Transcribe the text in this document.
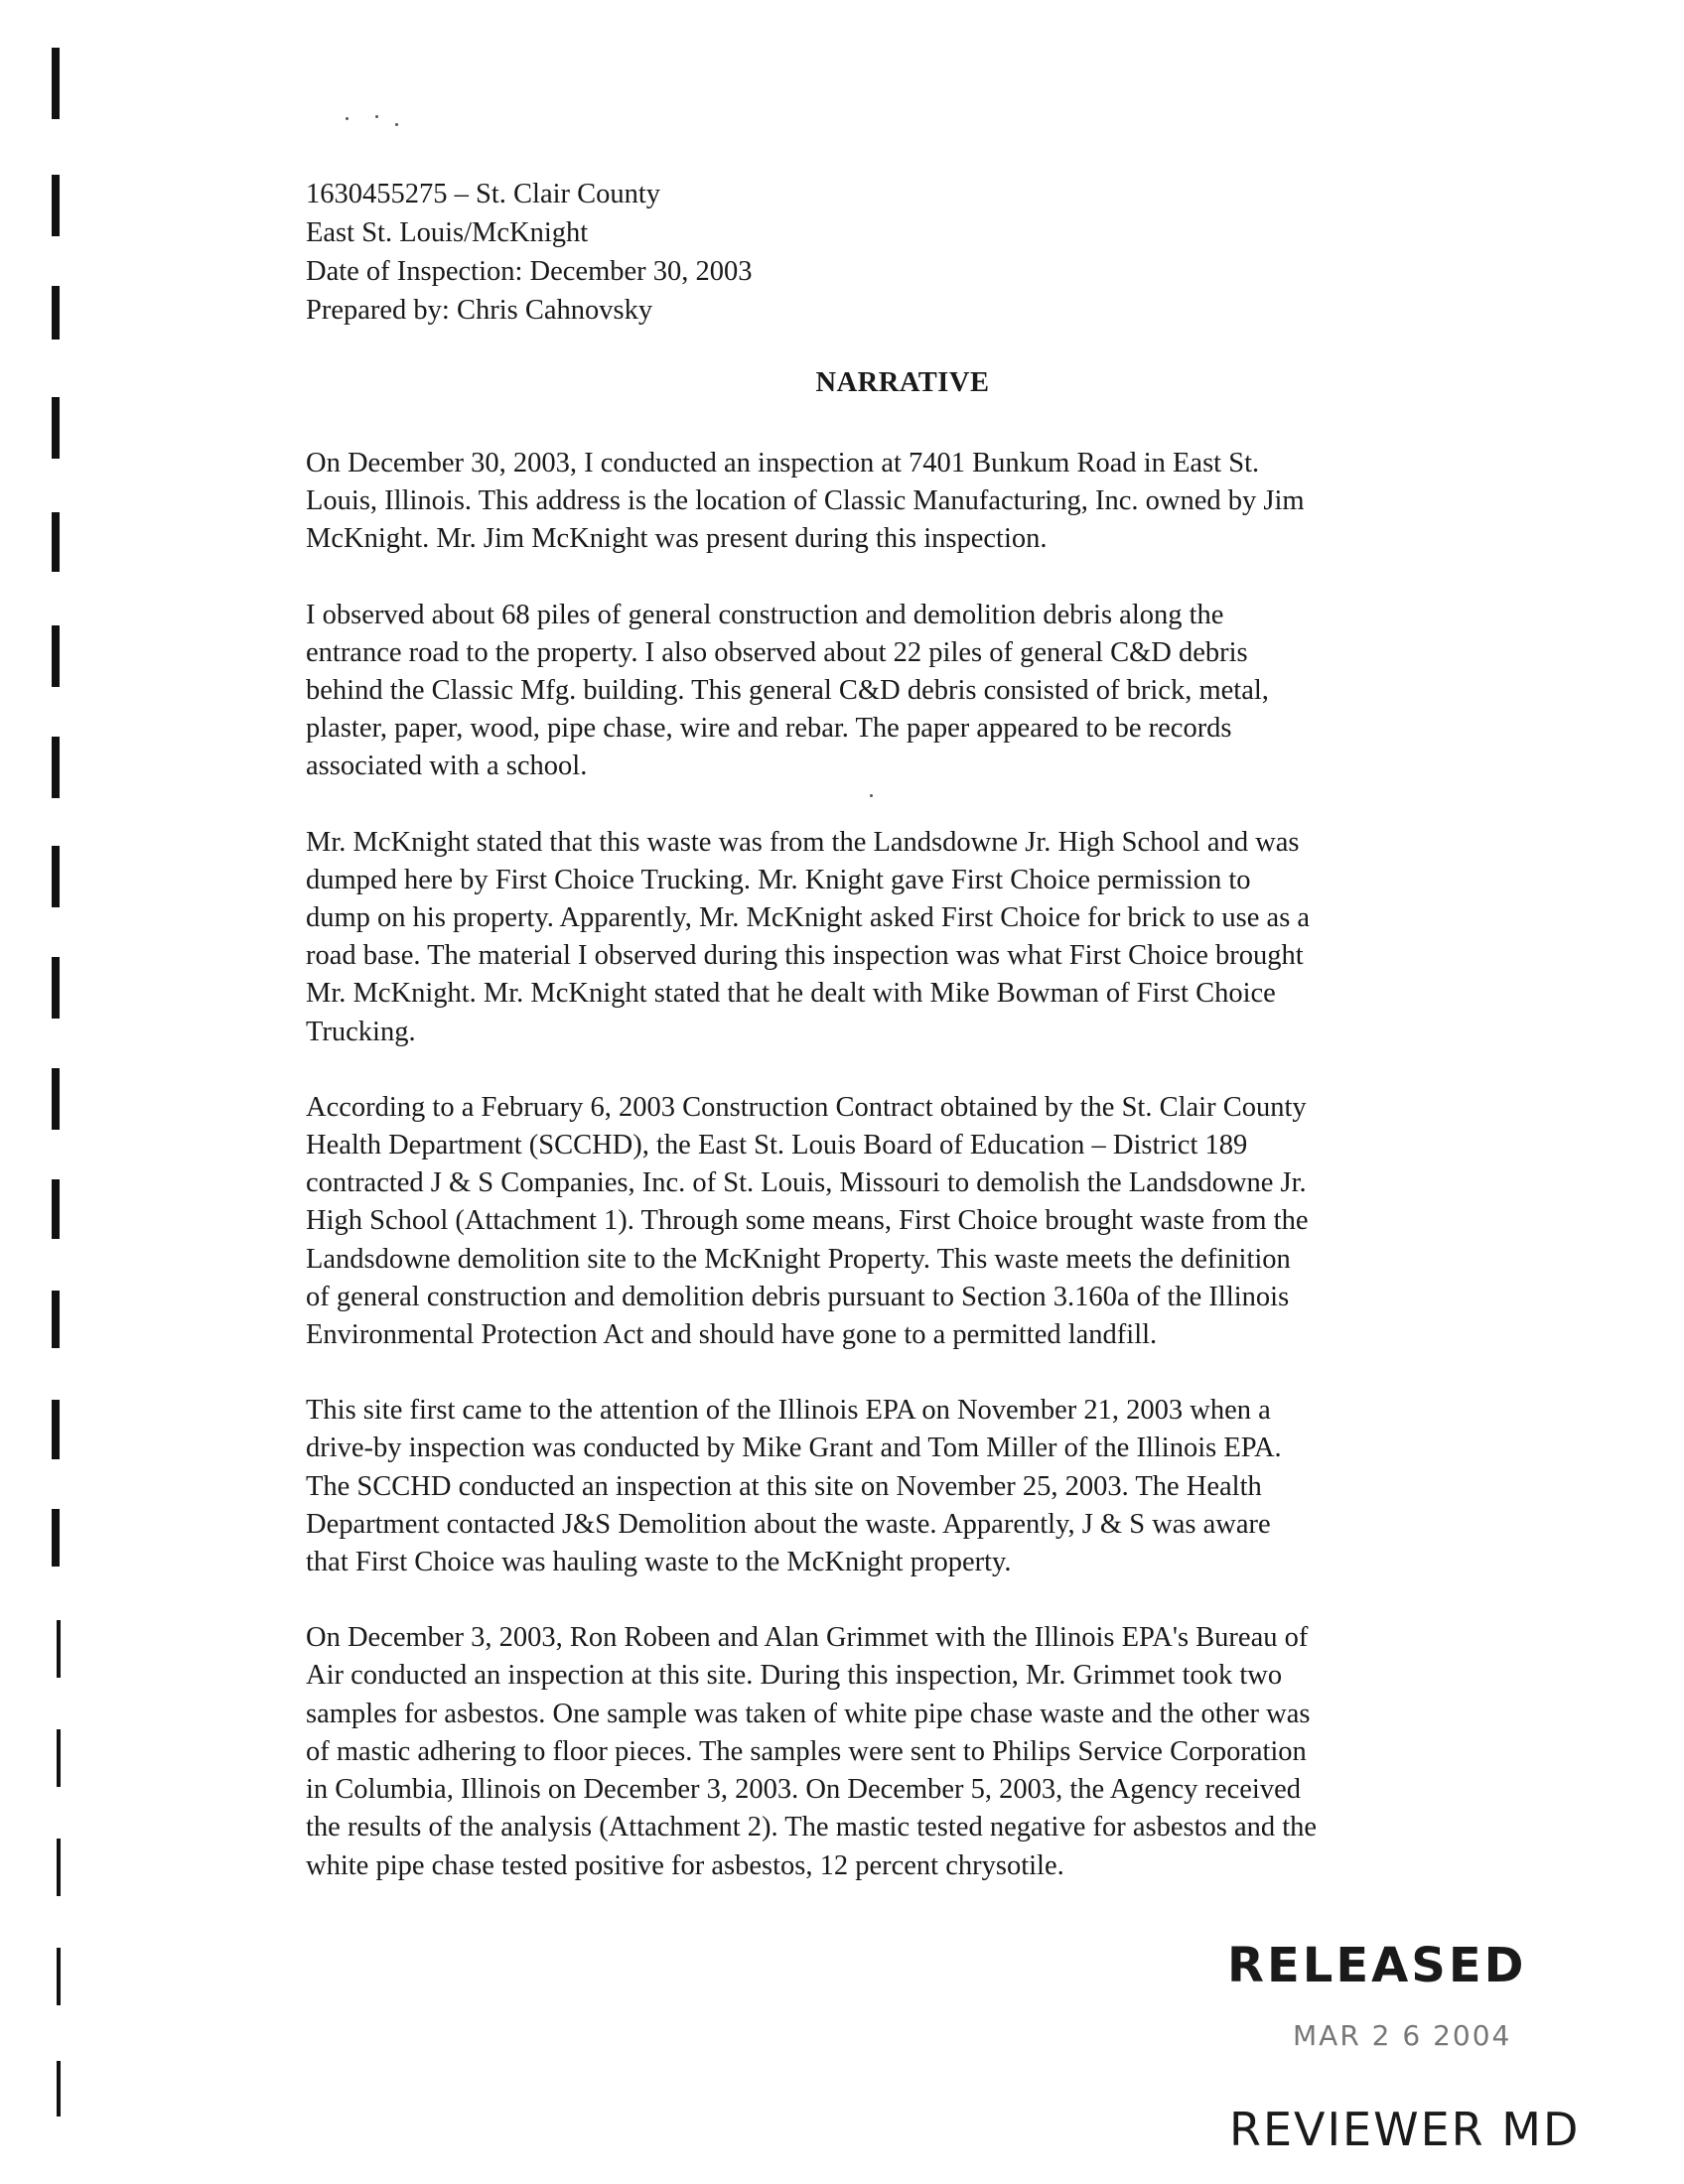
1630455275 – St. Clair County
East St. Louis/McKnight
Date of Inspection: December 30, 2003
Prepared by: Chris Cahnovsky
NARRATIVE

On December 30, 2003, I conducted an inspection at 7401 Bunkum Road in East St.
Louis, Illinois. This address is the location of Classic Manufacturing, Inc. owned by Jim
McKnight. Mr. Jim McKnight was present during this inspection.

I observed about 68 piles of general construction and demolition debris along the
entrance road to the property. I also observed about 22 piles of general C&D debris
behind the Classic Mfg. building. This general C&D debris consisted of brick, metal,
plaster, paper, wood, pipe chase, wire and rebar. The paper appeared to be records
associated with a school.

Mr. McKnight stated that this waste was from the Landsdowne Jr. High School and was
dumped here by First Choice Trucking. Mr. Knight gave First Choice permission to
dump on his property. Apparently, Mr. McKnight asked First Choice for brick to use as a
road base. The material I observed during this inspection was what First Choice brought
Mr. McKnight. Mr. McKnight stated that he dealt with Mike Bowman of First Choice
Trucking.

According to a February 6, 2003 Construction Contract obtained by the St. Clair County
Health Department (SCCHD), the East St. Louis Board of Education – District 189
contracted J & S Companies, Inc. of St. Louis, Missouri to demolish the Landsdowne Jr.
High School (Attachment 1). Through some means, First Choice brought waste from the
Landsdowne demolition site to the McKnight Property. This waste meets the definition
of general construction and demolition debris pursuant to Section 3.160a of the Illinois
Environmental Protection Act and should have gone to a permitted landfill.

This site first came to the attention of the Illinois EPA on November 21, 2003 when a
drive-by inspection was conducted by Mike Grant and Tom Miller of the Illinois EPA.
The SCCHD conducted an inspection at this site on November 25, 2003. The Health
Department contacted J&S Demolition about the waste. Apparently, J & S was aware
that First Choice was hauling waste to the McKnight property.

On December 3, 2003, Ron Robeen and Alan Grimmet with the Illinois EPA's Bureau of
Air conducted an inspection at this site. During this inspection, Mr. Grimmet took two
samples for asbestos. One sample was taken of white pipe chase waste and the other was
of mastic adhering to floor pieces. The samples were sent to Philips Service Corporation
in Columbia, Illinois on December 3, 2003. On December 5, 2003, the Agency received
the results of the analysis (Attachment 2). The mastic tested negative for asbestos and the
white pipe chase tested positive for asbestos, 12 percent chrysotile.

RELEASED
MAR 2 6 2004
REVIEWER MD
